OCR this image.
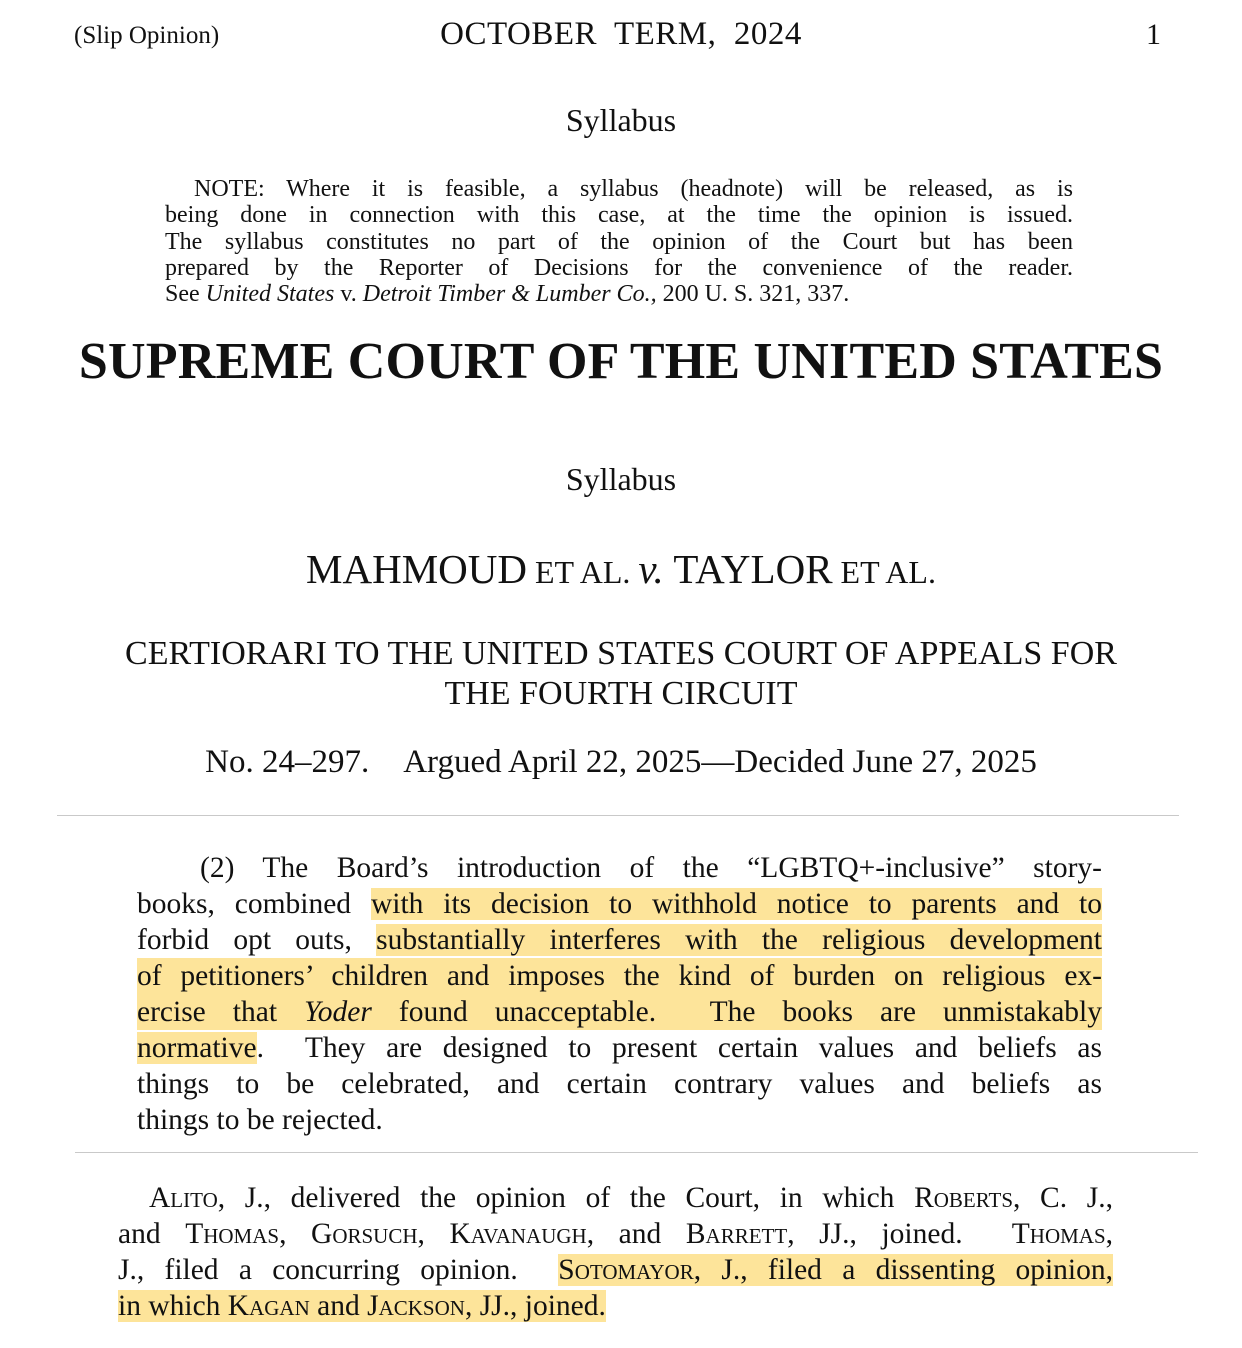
(Slip Opinion)	OCTOBER  TERM,  2024	1
Syllabus
NOTE: Where it is feasible, a syllabus (headnote) will be released, as is
being done in connection with this case, at the time the opinion is issued.
The syllabus constitutes no part of the opinion of the Court but has been
prepared by the Reporter of Decisions for the convenience of the reader.
See United States v. Detroit Timber & Lumber Co., 200 U. S. 321, 337.
SUPREME COURT OF THE UNITED STATES
Syllabus
MAHMOUD ET AL. v. TAYLOR ET AL.
CERTIORARI TO THE UNITED STATES COURT OF APPEALS FOR
THE FOURTH CIRCUIT
No. 24–297. Argued April 22, 2025—Decided June 27, 2025
(2) The Board’s introduction of the “LGBTQ+-inclusive” story-
books, combined with its decision to withhold notice to parents and to
forbid opt outs, substantially interferes with the religious development
of petitioners’ children and imposes the kind of burden on religious ex-
ercise that Yoder found unacceptable.  The books are unmistakably
normative.  They are designed to present certain values and beliefs as
things to be celebrated, and certain contrary values and beliefs as
things to be rejected.
Alito, J., delivered the opinion of the Court, in which Roberts, C. J.,
and Thomas, Gorsuch, Kavanaugh, and Barrett, JJ., joined.  Thomas,
J., filed a concurring opinion.  Sotomayor, J., filed a dissenting opinion,
in which Kagan and Jackson, JJ., joined.
